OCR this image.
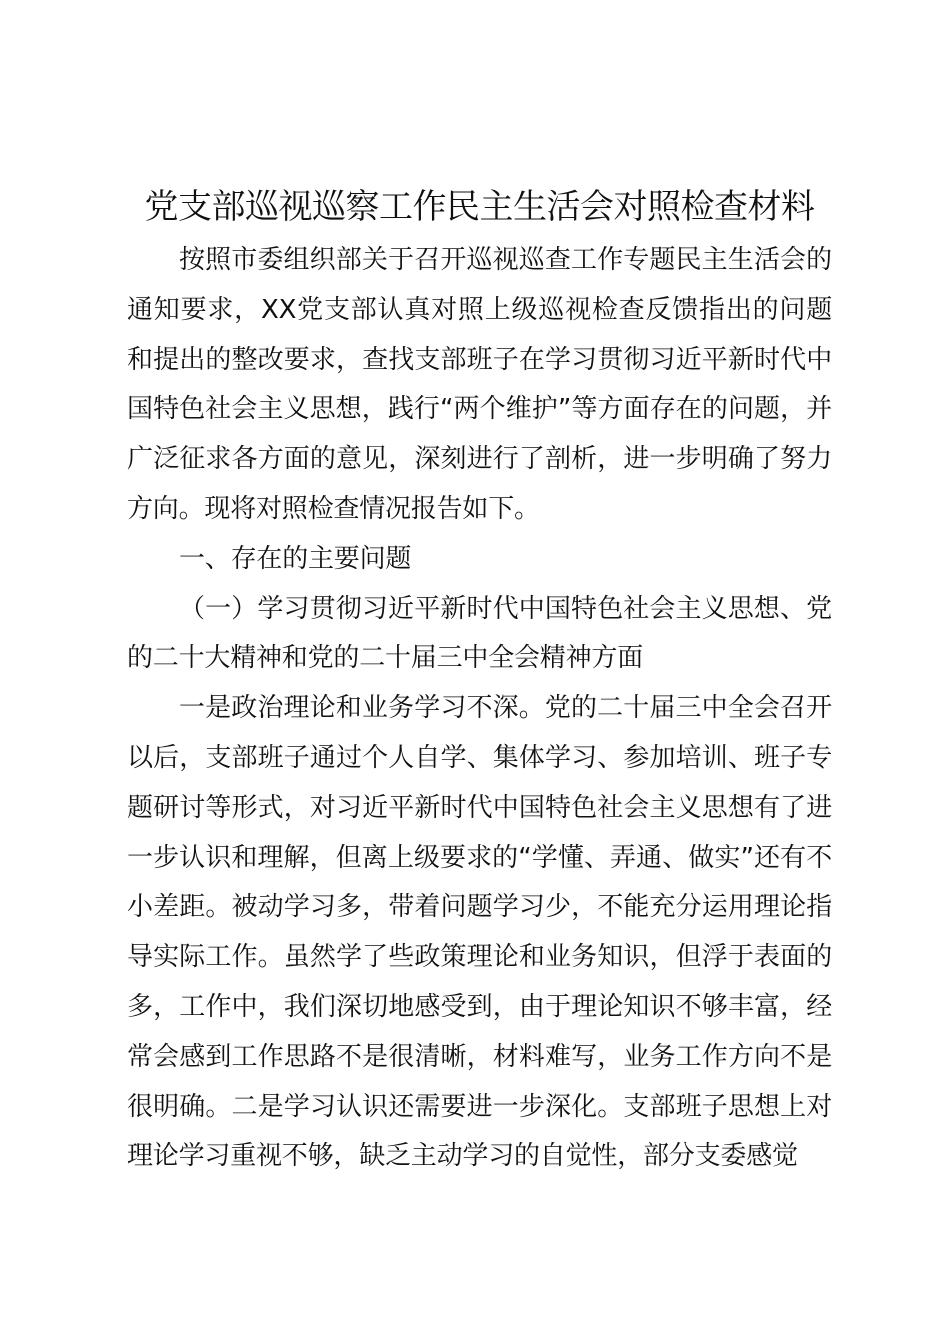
党支部巡视巡察工作民主生活会对照检查材料

按照市委组织部关于召开巡视巡查工作专题民主生活会的通知要求，XX党支部认真对照上级巡视检查反馈指出的问题和提出的整改要求，查找支部班子在学习贯彻习近平新时代中国特色社会主义思想，践行“两个维护”等方面存在的问题，并广泛征求各方面的意见，深刻进行了剖析，进一步明确了努力方向。现将对照检查情况报告如下。

一、存在的主要问题

（一）学习贯彻习近平新时代中国特色社会主义思想、党的二十大精神和党的二十届三中全会精神方面

一是政治理论和业务学习不深。党的二十届三中全会召开以后，支部班子通过个人自学、集体学习、参加培训、班子专题研讨等形式，对习近平新时代中国特色社会主义思想有了进一步认识和理解，但离上级要求的“学懂、弄通、做实”还有不小差距。被动学习多，带着问题学习少，不能充分运用理论指导实际工作。虽然学了些政策理论和业务知识，但浮于表面的多，工作中，我们深切地感受到，由于理论知识不够丰富，经常会感到工作思路不是很清晰，材料难写，业务工作方向不是很明确。二是学习认识还需要进一步深化。支部班子思想上对理论学习重视不够，缺乏主动学习的自觉性，部分支委感觉
